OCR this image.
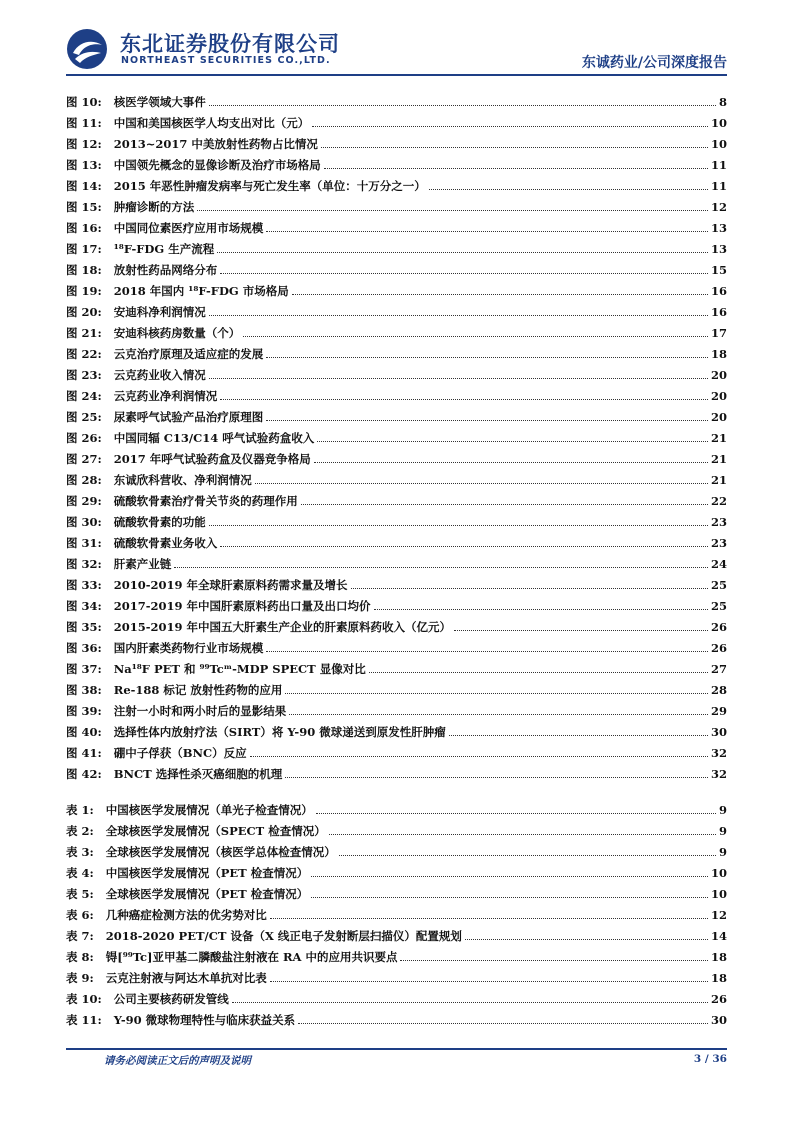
东北证券股份有限公司
NORTHEAST SECURITIES CO.,LTD.	东诚药业/公司深度报告
图 10: 核医学领域大事件	8
图 11: 中国和美国核医学人均支出对比（元）	10
图 12: 2013~2017 中美放射性药物占比情况	10
图 13: 中国领先概念的显像诊断及治疗市场格局	11
图 14: 2015 年恶性肿瘤发病率与死亡发生率（单位：十万分之一）	11
图 15: 肿瘤诊断的方法	12
图 16: 中国同位素医疗应用市场规模	13
图 17: ¹⁸F-FDG 生产流程	13
图 18: 放射性药品网络分布	15
图 19: 2018 年国内 ¹⁸F-FDG 市场格局	16
图 20: 安迪科净利润情况	16
图 21: 安迪科核药房数量（个）	17
图 22: 云克治疗原理及适应症的发展	18
图 23: 云克药业收入情况	20
图 24: 云克药业净利润情况	20
图 25: 尿素呼气试验产品治疗原理图	20
图 26: 中国同辐 C13/C14 呼气试验药盒收入	21
图 27: 2017 年呼气试验药盒及仪器竞争格局	21
图 28: 东诚欣科营收、净利润情况	21
图 29: 硫酸软骨素治疗骨关节炎的药理作用	22
图 30: 硫酸软骨素的功能	23
图 31: 硫酸软骨素业务收入	23
图 32: 肝素产业链	24
图 33: 2010-2019 年全球肝素原料药需求量及增长	25
图 34: 2017-2019 年中国肝素原料药出口量及出口均价	25
图 35: 2015-2019 年中国五大肝素生产企业的肝素原料药收入（亿元）	26
图 36: 国内肝素类药物行业市场规模	26
图 37: Na¹⁸F PET 和 ⁹⁹Tcᵐ-MDP SPECT 显像对比	27
图 38: Re-188 标记 放射性药物的应用	28
图 39: 注射一小时和两小时后的显影结果	29
图 40: 选择性体内放射疗法（SIRT）将 Y-90 微球递送到原发性肝肿瘤	30
图 41: 硼中子俘获（BNC）反应	32
图 42: BNCT 选择性杀灭癌细胞的机理	32
表 1: 中国核医学发展情况（单光子检查情况）	9
表 2: 全球核医学发展情况（SPECT 检查情况）	9
表 3: 全球核医学发展情况（核医学总体检查情况）	9
表 4: 中国核医学发展情况（PET 检查情况）	10
表 5: 全球核医学发展情况（PET 检查情况）	10
表 6: 几种癌症检测方法的优劣势对比	12
表 7: 2018-2020 PET/CT 设备（X 线正电子发射断层扫描仪）配置规划	14
表 8: 锝[⁹⁹Tc]亚甲基二膦酸盐注射液在 RA 中的应用共识要点	18
表 9: 云克注射液与阿达木单抗对比表	18
表 10: 公司主要核药研发管线	26
表 11: Y-90 微球物理特性与临床获益关系	30
请务必阅读正文后的声明及说明	3 / 36
